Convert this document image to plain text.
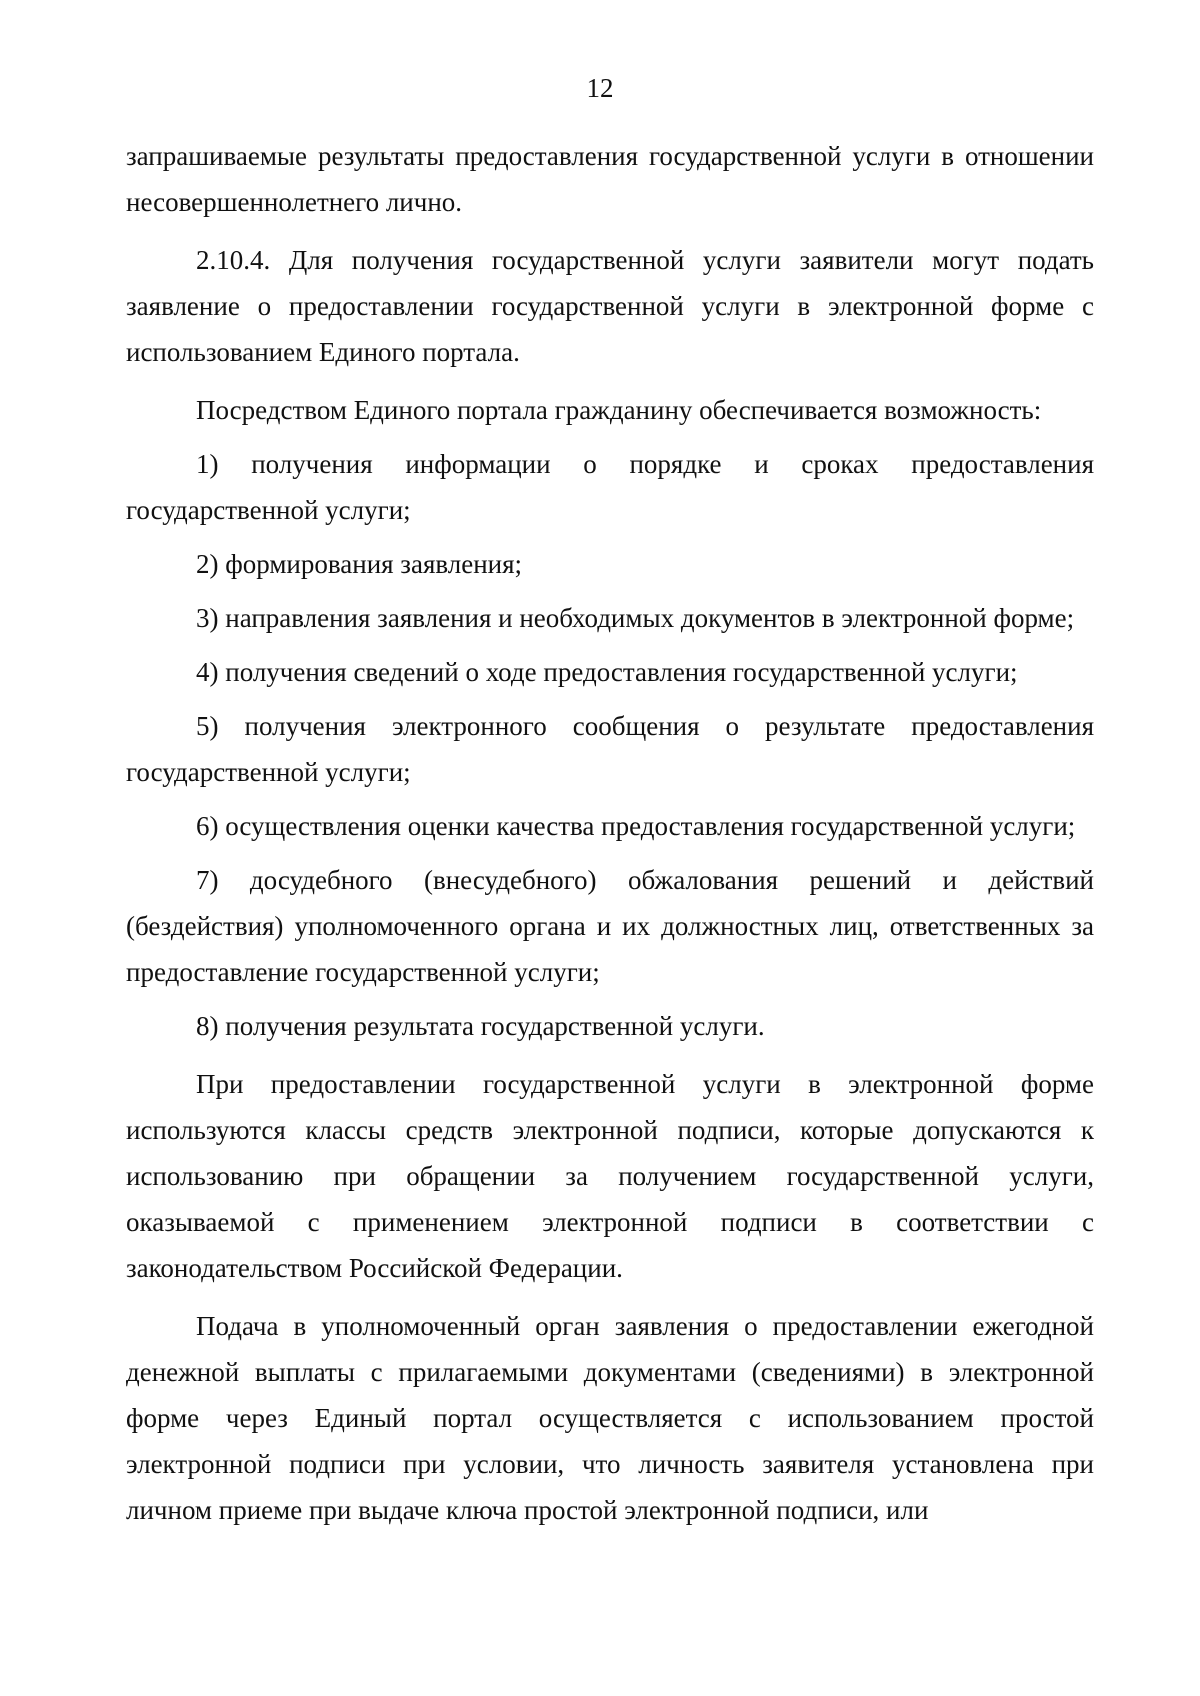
12

запрашиваемые результаты предоставления государственной услуги в отношении несовершеннолетнего лично.

2.10.4. Для получения государственной услуги заявители могут подать заявление о предоставлении государственной услуги в электронной форме с использованием Единого портала.

Посредством Единого портала гражданину обеспечивается возможность:

1) получения информации о порядке и сроках предоставления государственной услуги;

2) формирования заявления;

3) направления заявления и необходимых документов в электронной форме;

4) получения сведений о ходе предоставления государственной услуги;

5) получения электронного сообщения о результате предоставления государственной услуги;

6) осуществления оценки качества предоставления государственной услуги;

7) досудебного (внесудебного) обжалования решений и действий (бездействия) уполномоченного органа и их должностных лиц, ответственных за предоставление государственной услуги;

8) получения результата государственной услуги.

При предоставлении государственной услуги в электронной форме используются классы средств электронной подписи, которые допускаются к использованию при обращении за получением государственной услуги, оказываемой с применением электронной подписи в соответствии с законодательством Российской Федерации.

Подача в уполномоченный орган заявления о предоставлении ежегодной денежной выплаты с прилагаемыми документами (сведениями) в электронной форме через Единый портал осуществляется с использованием простой электронной подписи при условии, что личность заявителя установлена при личном приеме при выдаче ключа простой электронной подписи, или
